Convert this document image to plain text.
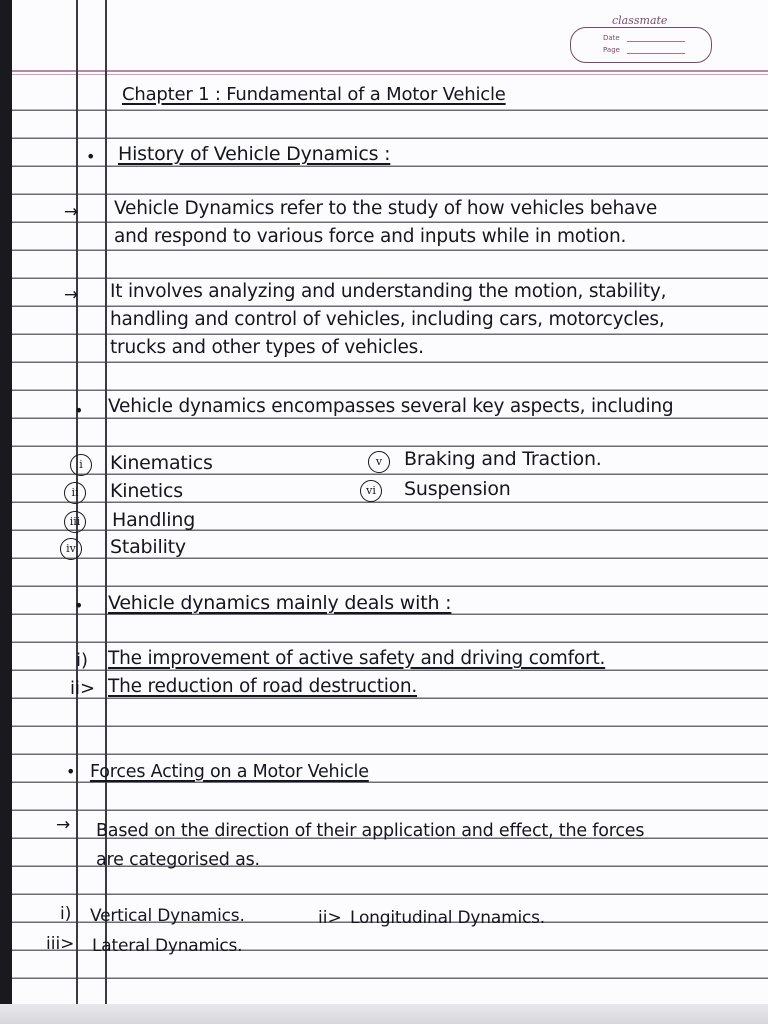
classmate
Date
Page
Chapter 1 : Fundamental of a Motor Vehicle
• History of Vehicle Dynamics :
→ Vehicle Dynamics refer to the study of how vehicles behave
and respond to various force and inputs while in motion.
→ It involves analyzing and understanding the motion, stability,
handling and control of vehicles, including cars, motorcycles,
trucks and other types of vehicles.
• Vehicle dynamics encompasses several key aspects, including
i	Kinematics
ii	Kinetics
iii	Handling
iv	Stability
v	Braking and Traction.
vi	Suspension
• Vehicle dynamics mainly deals with :
i) The improvement of active safety and driving comfort.
ii> The reduction of road destruction.
• Forces Acting on a Motor Vehicle
→ Based on the direction of their application and effect, the forces
are categorised as.
i) Vertical Dynamics.	ii> Longitudinal Dynamics.
iii> Lateral Dynamics.
